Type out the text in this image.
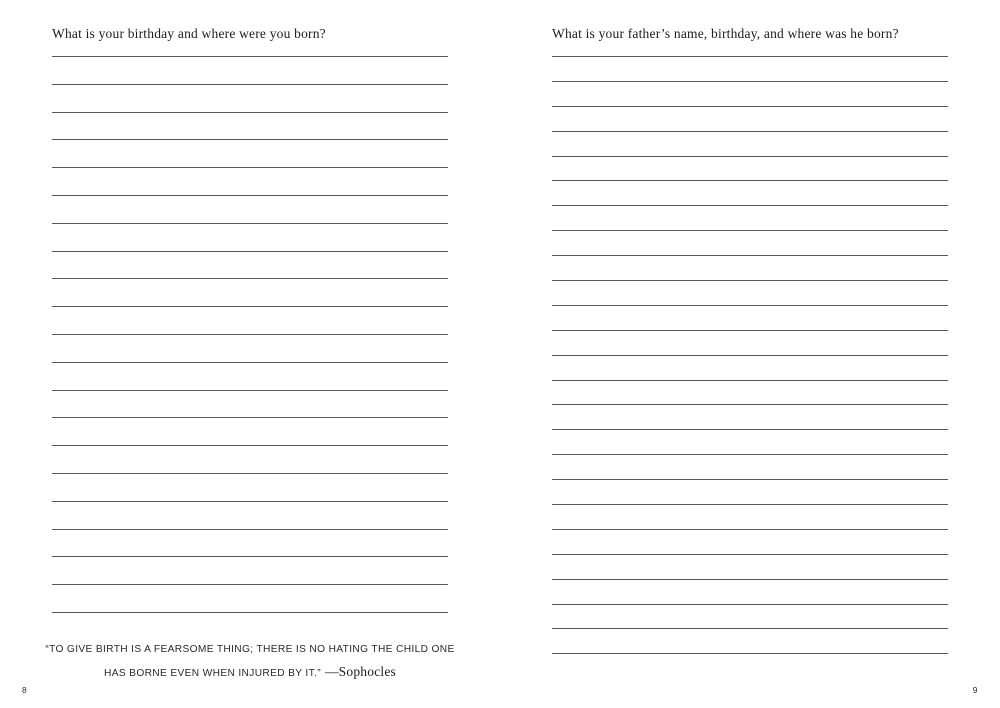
What is your birthday and where were you born?
“TO GIVE BIRTH IS A FEARSOME THING; THERE IS NO HATING THE CHILD ONE HAS BORNE EVEN WHEN INJURED BY IT.” —Sophocles
8
What is your father’s name, birthday, and where was he born?
9
